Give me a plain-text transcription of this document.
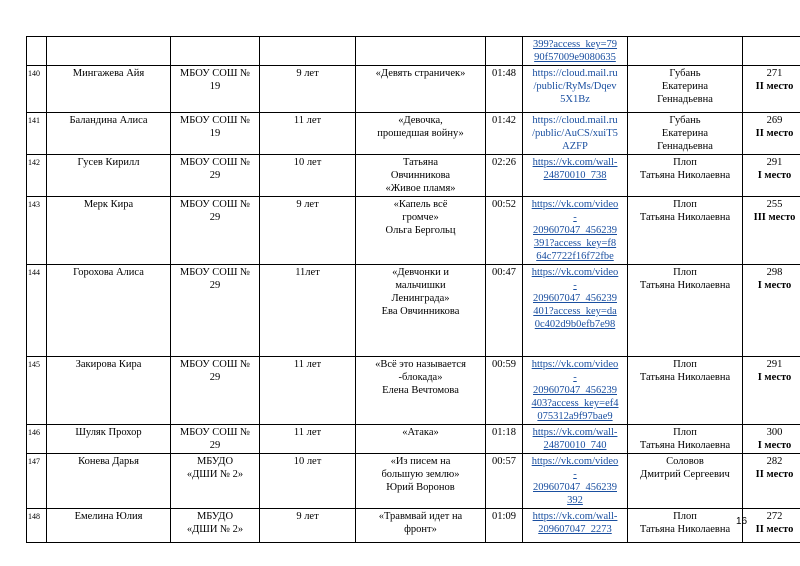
						399?access_key=79
90f57009e9080635		
140	Мингажева Айя	МБОУ СОШ №
19	9 лет	«Девять страничек»	01:48	https://cloud.mail.ru
/public/RyMs/Dqev
5X1Bz	Губань
Екатерина
Геннадьевна	271
II место
141	Баландина Алиса	МБОУ СОШ №
19	11 лет	«Девочка,
прошедшая войну»	01:42	https://cloud.mail.ru
/public/AuCS/xuiT5
AZFP	Губань
Екатерина
Геннадьевна	269
II место
142	Гусев Кирилл	МБОУ СОШ №
29	10 лет	Татьяна
Овчинникова
«Живое пламя»	02:26	https://vk.com/wall-
24870010_738	Плоп
Татьяна Николаевна	291
I место
143	Мерк Кира	МБОУ СОШ №
29	9 лет	«Капель всё
громче»
Ольга Бергольц	00:52	https://vk.com/video
-
209607047_456239
391?access_key=f8
64c7722f16f72fbe	Плоп
Татьяна Николаевна	255
III место
144	Горохова Алиса	МБОУ СОШ №
29	11лет	«Девчонки и
мальчишки
Ленинграда»
Ева Овчинникова	00:47	https://vk.com/video
-
209607047_456239
401?access_key=da
0c402d9b0efb7e98	Плоп
Татьяна Николаевна	298
I место
145	Закирова Кира	МБОУ СОШ №
29	11 лет	«Всё это называется
-блокада»
Елена Вечтомова	00:59	https://vk.com/video
-
209607047_456239
403?access_key=ef4
075312a9f97bae9	Плоп
Татьяна Николаевна	291
I место
146	Шуляк Прохор	МБОУ СОШ №
29	11 лет	«Атака»	01:18	https://vk.com/wall-
24870010_740	Плоп
Татьяна Николаевна	300
I место
147	Конева Дарья	МБУДО
«ДШИ № 2»	10 лет	«Из писем на
большую землю»
Юрий Воронов	00:57	https://vk.com/video
-
209607047_456239
392	Соловов
Дмитрий Сергеевич	282
II место
148	Емелина Юлия	МБУДО
«ДШИ № 2»	9 лет	«Травмвай идет на
фронт»	01:09	https://vk.com/wall-
209607047_2273	Плоп
Татьяна Николаевна	272
II место
16
